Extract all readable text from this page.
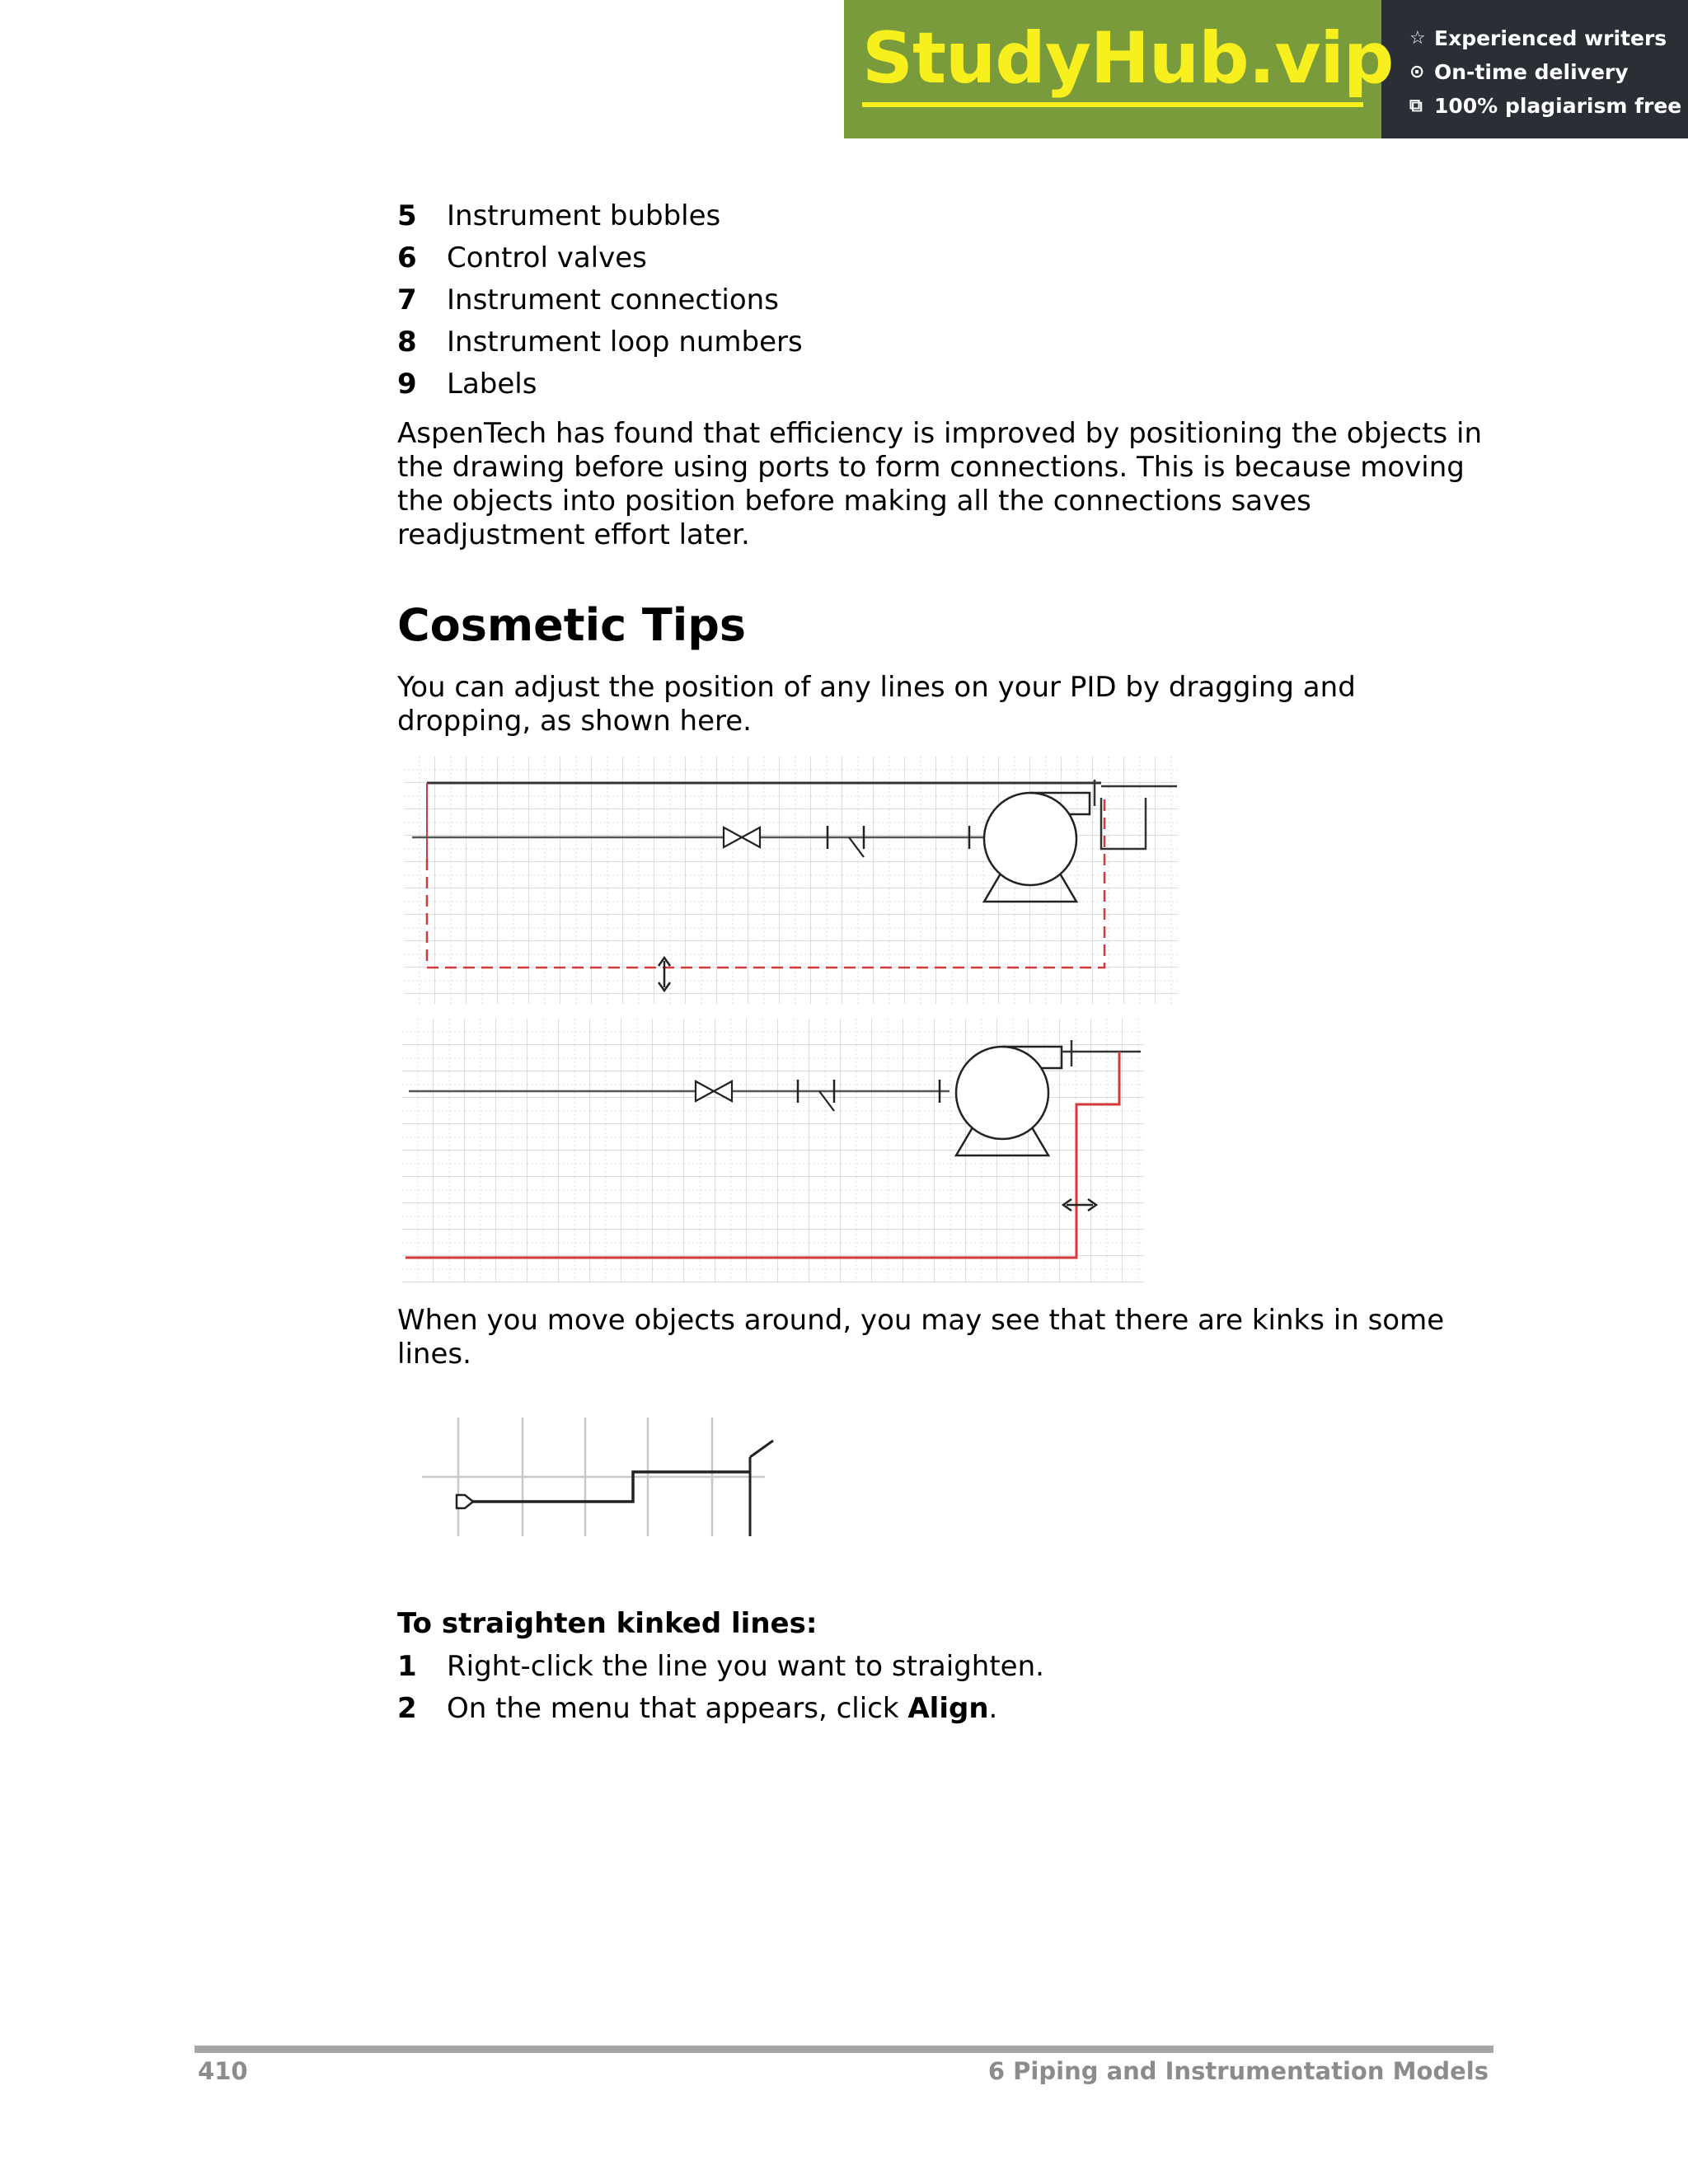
StudyHub.vip ☆ Experienced writers
⊙ On-time delivery
⧉ 100% plagiarism free
5	Instrument bubbles
6	Control valves
7	Instrument connections
8	Instrument loop numbers
9	Labels

AspenTech has found that efficiency is improved by positioning the objects in the drawing before using ports to form connections. This is because moving the objects into position before making all the connections saves readjustment effort later.

Cosmetic Tips

You can adjust the position of any lines on your PID by dragging and dropping, as shown here.

When you move objects around, you may see that there are kinks in some lines.

To straighten kinked lines:
1	Right-click the line you want to straighten.
2	On the menu that appears, click Align.
410	6 Piping and Instrumentation Models
